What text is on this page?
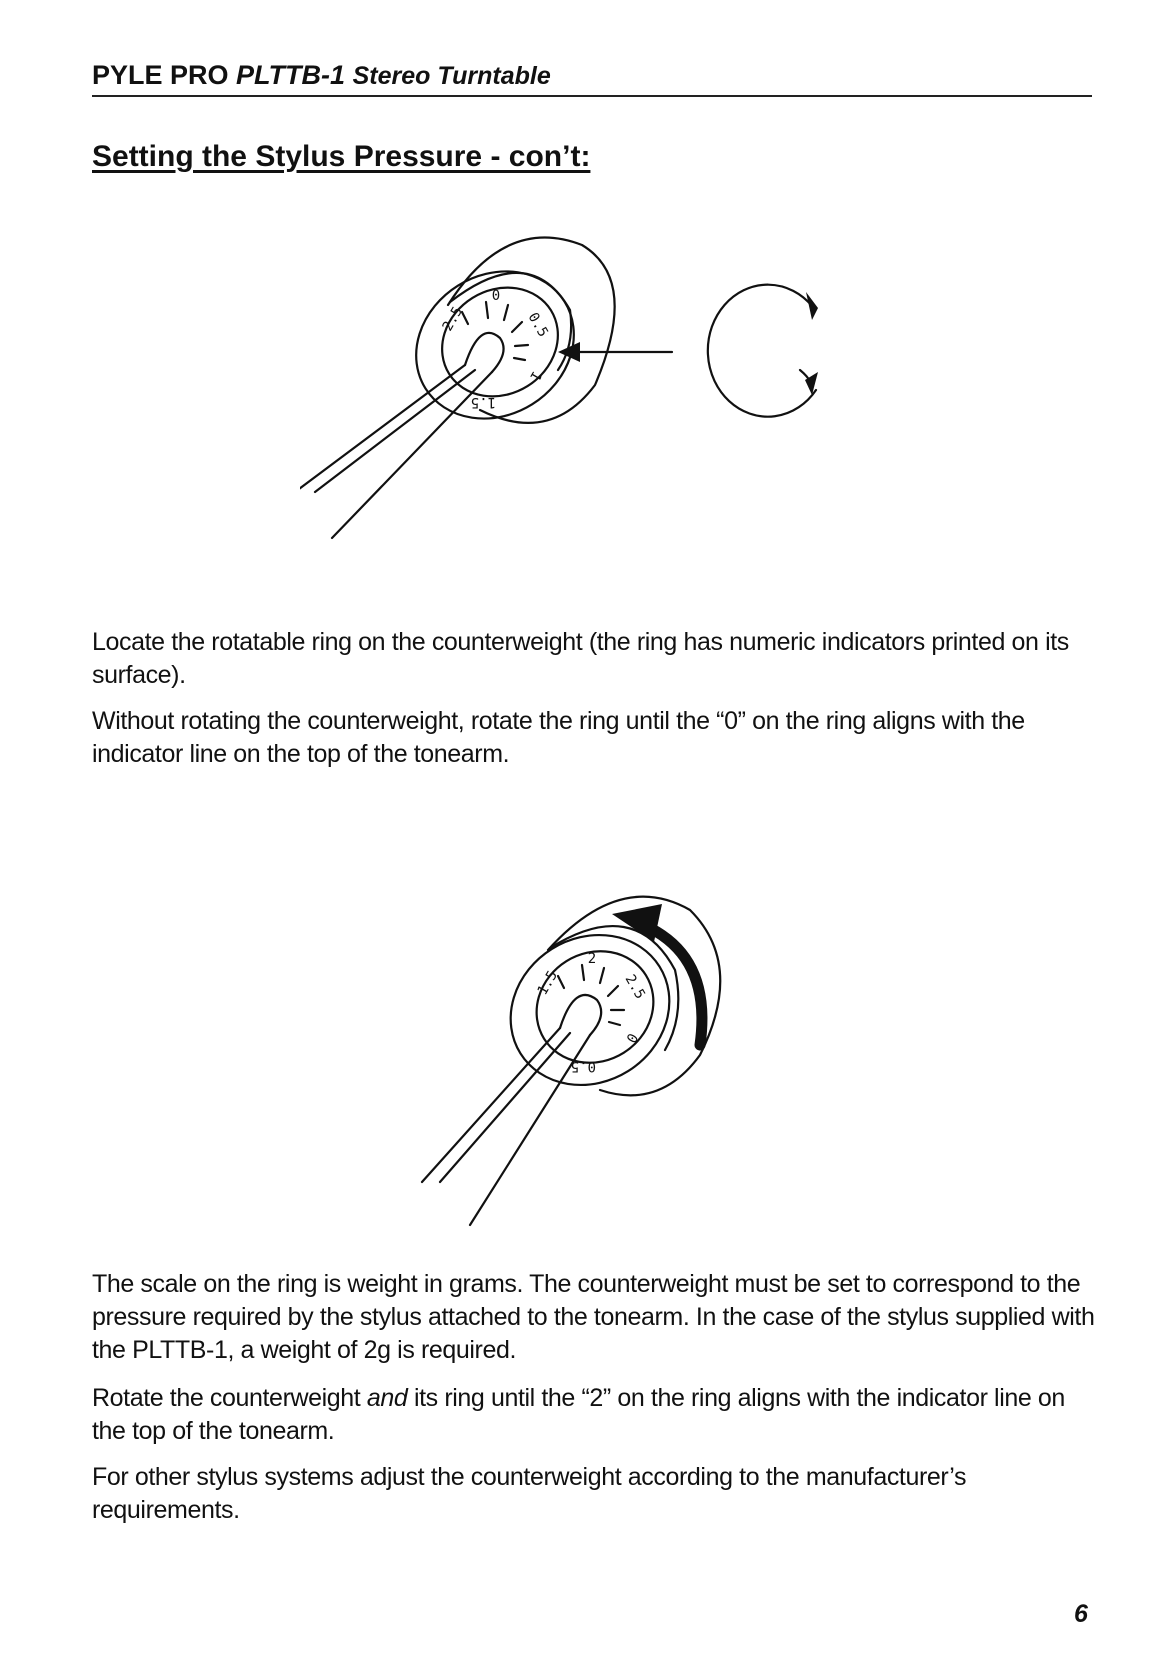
PYLE PRO PLTTB-1 Stereo Turntable
Setting the Stylus Pressure - con’t:
0
0.5
1
1.5
2.5

Locate the rotatable ring on the counterweight (the ring has numeric indicators printed on its surface).

Without rotating the counterweight, rotate the ring until the “0” on the ring aligns with the indicator line on the top of the tonearm.

2
2.5
0
0.5
1.5

The scale on the ring is weight in grams. The counterweight must be set to correspond to the pressure required by the stylus attached to the tonearm. In the case of the stylus supplied with the PLTTB-1, a weight of 2g is required.

Rotate the counterweight and its ring until the “2” on the ring aligns with the indicator line on the top of the tonearm.

For other stylus systems adjust the counterweight according to the manufacturer’s requirements.

6
